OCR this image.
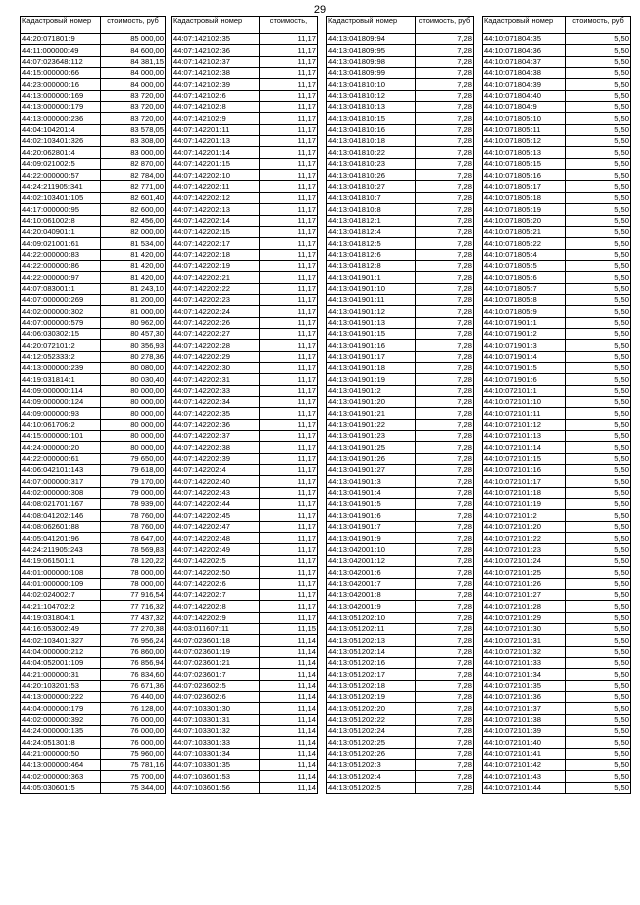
29
Кадастровый номер	стоимость, руб
44:20:071801:9	85 000,00
44:11:000000:49	84 600,00
44:07:023648:112	84 381,15
44:15:000000:66	84 000,00
44:23:000000:16	84 000,00
44:13:000000:169	83 720,00
44:13:000000:179	83 720,00
44:13:000000:236	83 720,00
44:04:104201:4	83 578,05
44:02:103401:326	83 308,00
44:20:062801:4	83 000,00
44:09:021002:5	82 870,00
44:22:000000:57	82 784,00
44:24:211905:341	82 771,00
44:02:103401:105	82 601,40
44:17:000000:95	82 600,00
44:10:061002:8	82 456,00
44:20:040901:1	82 000,00
44:09:021001:61	81 534,00
44:22:000000:83	81 420,00
44:22:000000:86	81 420,00
44:22:000000:97	81 420,00
44:07:083001:1	81 243,10
44:07:000000:269	81 200,00
44:02:000000:302	81 000,00
44:07:000000:579	80 962,00
44:06:030302:15	80 457,30
44:20:072101:2	80 356,93
44:12:052333:2	80 278,36
44:13:000000:239	80 080,00
44:19:031814:1	80 030,40
44:09:000000:114	80 000,00
44:09:000000:124	80 000,00
44:09:000000:93	80 000,00
44:10:061706:2	80 000,00
44:15:000000:101	80 000,00
44:24:000000:20	80 000,00
44:22:000000:61	79 650,00
44:06:042101:143	79 618,00
44:07:000000:317	79 170,00
44:02:000000:308	79 000,00
44:08:021701:167	78 939,00
44:08:041202:146	78 760,00
44:08:062601:88	78 760,00
44:05:041201:96	78 647,00
44:24:211905:243	78 569,83
44:19:061501:1	78 120,22
44:01:000000:108	78 000,00
44:01:000000:109	78 000,00
44:02:024002:7	77 916,54
44:21:104702:2	77 716,32
44:19:031804:1	77 437,32
44:16:053002:49	77 270,38
44:02:103401:327	76 956,24
44:04:000000:212	76 860,00
44:04:052001:109	76 856,94
44:21:000000:31	76 834,60
44:20:103201:53	76 671,36
44:13:000000:222	76 440,00
44:04:000000:179	76 128,00
44:02:000000:392	76 000,00
44:24:000000:135	76 000,00
44:24:051301:8	76 000,00
44:21:000000:50	75 960,00
44:13:000000:464	75 781,16
44:02:000000:363	75 700,00
44:05:030601:5	75 344,00
Кадастровый номер	стоимость,
44:07:142102:35	11,17
44:07:142102:36	11,17
44:07:142102:37	11,17
44:07:142102:38	11,17
44:07:142102:39	11,17
44:07:142102:6	11,17
44:07:142102:8	11,17
44:07:142102:9	11,17
44:07:142201:11	11,17
44:07:142201:13	11,17
44:07:142201:14	11,17
44:07:142201:15	11,17
44:07:142202:10	11,17
44:07:142202:11	11,17
44:07:142202:12	11,17
44:07:142202:13	11,17
44:07:142202:14	11,17
44:07:142202:15	11,17
44:07:142202:17	11,17
44:07:142202:18	11,17
44:07:142202:19	11,17
44:07:142202:21	11,17
44:07:142202:22	11,17
44:07:142202:23	11,17
44:07:142202:24	11,17
44:07:142202:26	11,17
44:07:142202:27	11,17
44:07:142202:28	11,17
44:07:142202:29	11,17
44:07:142202:30	11,17
44:07:142202:31	11,17
44:07:142202:33	11,17
44:07:142202:34	11,17
44:07:142202:35	11,17
44:07:142202:36	11,17
44:07:142202:37	11,17
44:07:142202:38	11,17
44:07:142202:39	11,17
44:07:142202:4	11,17
44:07:142202:40	11,17
44:07:142202:43	11,17
44:07:142202:44	11,17
44:07:142202:45	11,17
44:07:142202:47	11,17
44:07:142202:48	11,17
44:07:142202:49	11,17
44:07:142202:5	11,17
44:07:142202:50	11,17
44:07:142202:6	11,17
44:07:142202:7	11,17
44:07:142202:8	11,17
44:07:142202:9	11,17
44:03:011607:11	11,15
44:07:023601:18	11,14
44:07:023601:19	11,14
44:07:023601:21	11,14
44:07:023601:7	11,14
44:07:023602:5	11,14
44:07:023602:6	11,14
44:07:103301:30	11,14
44:07:103301:31	11,14
44:07:103301:32	11,14
44:07:103301:33	11,14
44:07:103301:34	11,14
44:07:103301:35	11,14
44:07:103601:53	11,14
44:07:103601:56	11,14
Кадастровый номер	стоимость, руб
44:13:041809:94	7,28
44:13:041809:95	7,28
44:13:041809:98	7,28
44:13:041809:99	7,28
44:13:041810:10	7,28
44:13:041810:12	7,28
44:13:041810:13	7,28
44:13:041810:15	7,28
44:13:041810:16	7,28
44:13:041810:18	7,28
44:13:041810:22	7,28
44:13:041810:23	7,28
44:13:041810:26	7,28
44:13:041810:27	7,28
44:13:041810:7	7,28
44:13:041810:8	7,28
44:13:041812:1	7,28
44:13:041812:4	7,28
44:13:041812:5	7,28
44:13:041812:6	7,28
44:13:041812:8	7,28
44:13:041901:1	7,28
44:13:041901:10	7,28
44:13:041901:11	7,28
44:13:041901:12	7,28
44:13:041901:13	7,28
44:13:041901:15	7,28
44:13:041901:16	7,28
44:13:041901:17	7,28
44:13:041901:18	7,28
44:13:041901:19	7,28
44:13:041901:2	7,28
44:13:041901:20	7,28
44:13:041901:21	7,28
44:13:041901:22	7,28
44:13:041901:23	7,28
44:13:041901:25	7,28
44:13:041901:26	7,28
44:13:041901:27	7,28
44:13:041901:3	7,28
44:13:041901:4	7,28
44:13:041901:5	7,28
44:13:041901:6	7,28
44:13:041901:7	7,28
44:13:041901:9	7,28
44:13:042001:10	7,28
44:13:042001:12	7,28
44:13:042001:6	7,28
44:13:042001:7	7,28
44:13:042001:8	7,28
44:13:042001:9	7,28
44:13:051202:10	7,28
44:13:051202:11	7,28
44:13:051202:13	7,28
44:13:051202:14	7,28
44:13:051202:16	7,28
44:13:051202:17	7,28
44:13:051202:18	7,28
44:13:051202:19	7,28
44:13:051202:20	7,28
44:13:051202:22	7,28
44:13:051202:24	7,28
44:13:051202:25	7,28
44:13:051202:26	7,28
44:13:051202:3	7,28
44:13:051202:4	7,28
44:13:051202:5	7,28
Кадастровый номер	стоимость, руб
44:10:071804:35	5,50
44:10:071804:36	5,50
44:10:071804:37	5,50
44:10:071804:38	5,50
44:10:071804:39	5,50
44:10:071804:40	5,50
44:10:071804:9	5,50
44:10:071805:10	5,50
44:10:071805:11	5,50
44:10:071805:12	5,50
44:10:071805:13	5,50
44:10:071805:15	5,50
44:10:071805:16	5,50
44:10:071805:17	5,50
44:10:071805:18	5,50
44:10:071805:19	5,50
44:10:071805:20	5,50
44:10:071805:21	5,50
44:10:071805:22	5,50
44:10:071805:4	5,50
44:10:071805:5	5,50
44:10:071805:6	5,50
44:10:071805:7	5,50
44:10:071805:8	5,50
44:10:071805:9	5,50
44:10:071901:1	5,50
44:10:071901:2	5,50
44:10:071901:3	5,50
44:10:071901:4	5,50
44:10:071901:5	5,50
44:10:071901:6	5,50
44:10:072101:1	5,50
44:10:072101:10	5,50
44:10:072101:11	5,50
44:10:072101:12	5,50
44:10:072101:13	5,50
44:10:072101:14	5,50
44:10:072101:15	5,50
44:10:072101:16	5,50
44:10:072101:17	5,50
44:10:072101:18	5,50
44:10:072101:19	5,50
44:10:072101:2	5,50
44:10:072101:20	5,50
44:10:072101:22	5,50
44:10:072101:23	5,50
44:10:072101:24	5,50
44:10:072101:25	5,50
44:10:072101:26	5,50
44:10:072101:27	5,50
44:10:072101:28	5,50
44:10:072101:29	5,50
44:10:072101:30	5,50
44:10:072101:31	5,50
44:10:072101:32	5,50
44:10:072101:33	5,50
44:10:072101:34	5,50
44:10:072101:35	5,50
44:10:072101:36	5,50
44:10:072101:37	5,50
44:10:072101:38	5,50
44:10:072101:39	5,50
44:10:072101:40	5,50
44:10:072101:41	5,50
44:10:072101:42	5,50
44:10:072101:43	5,50
44:10:072101:44	5,50
